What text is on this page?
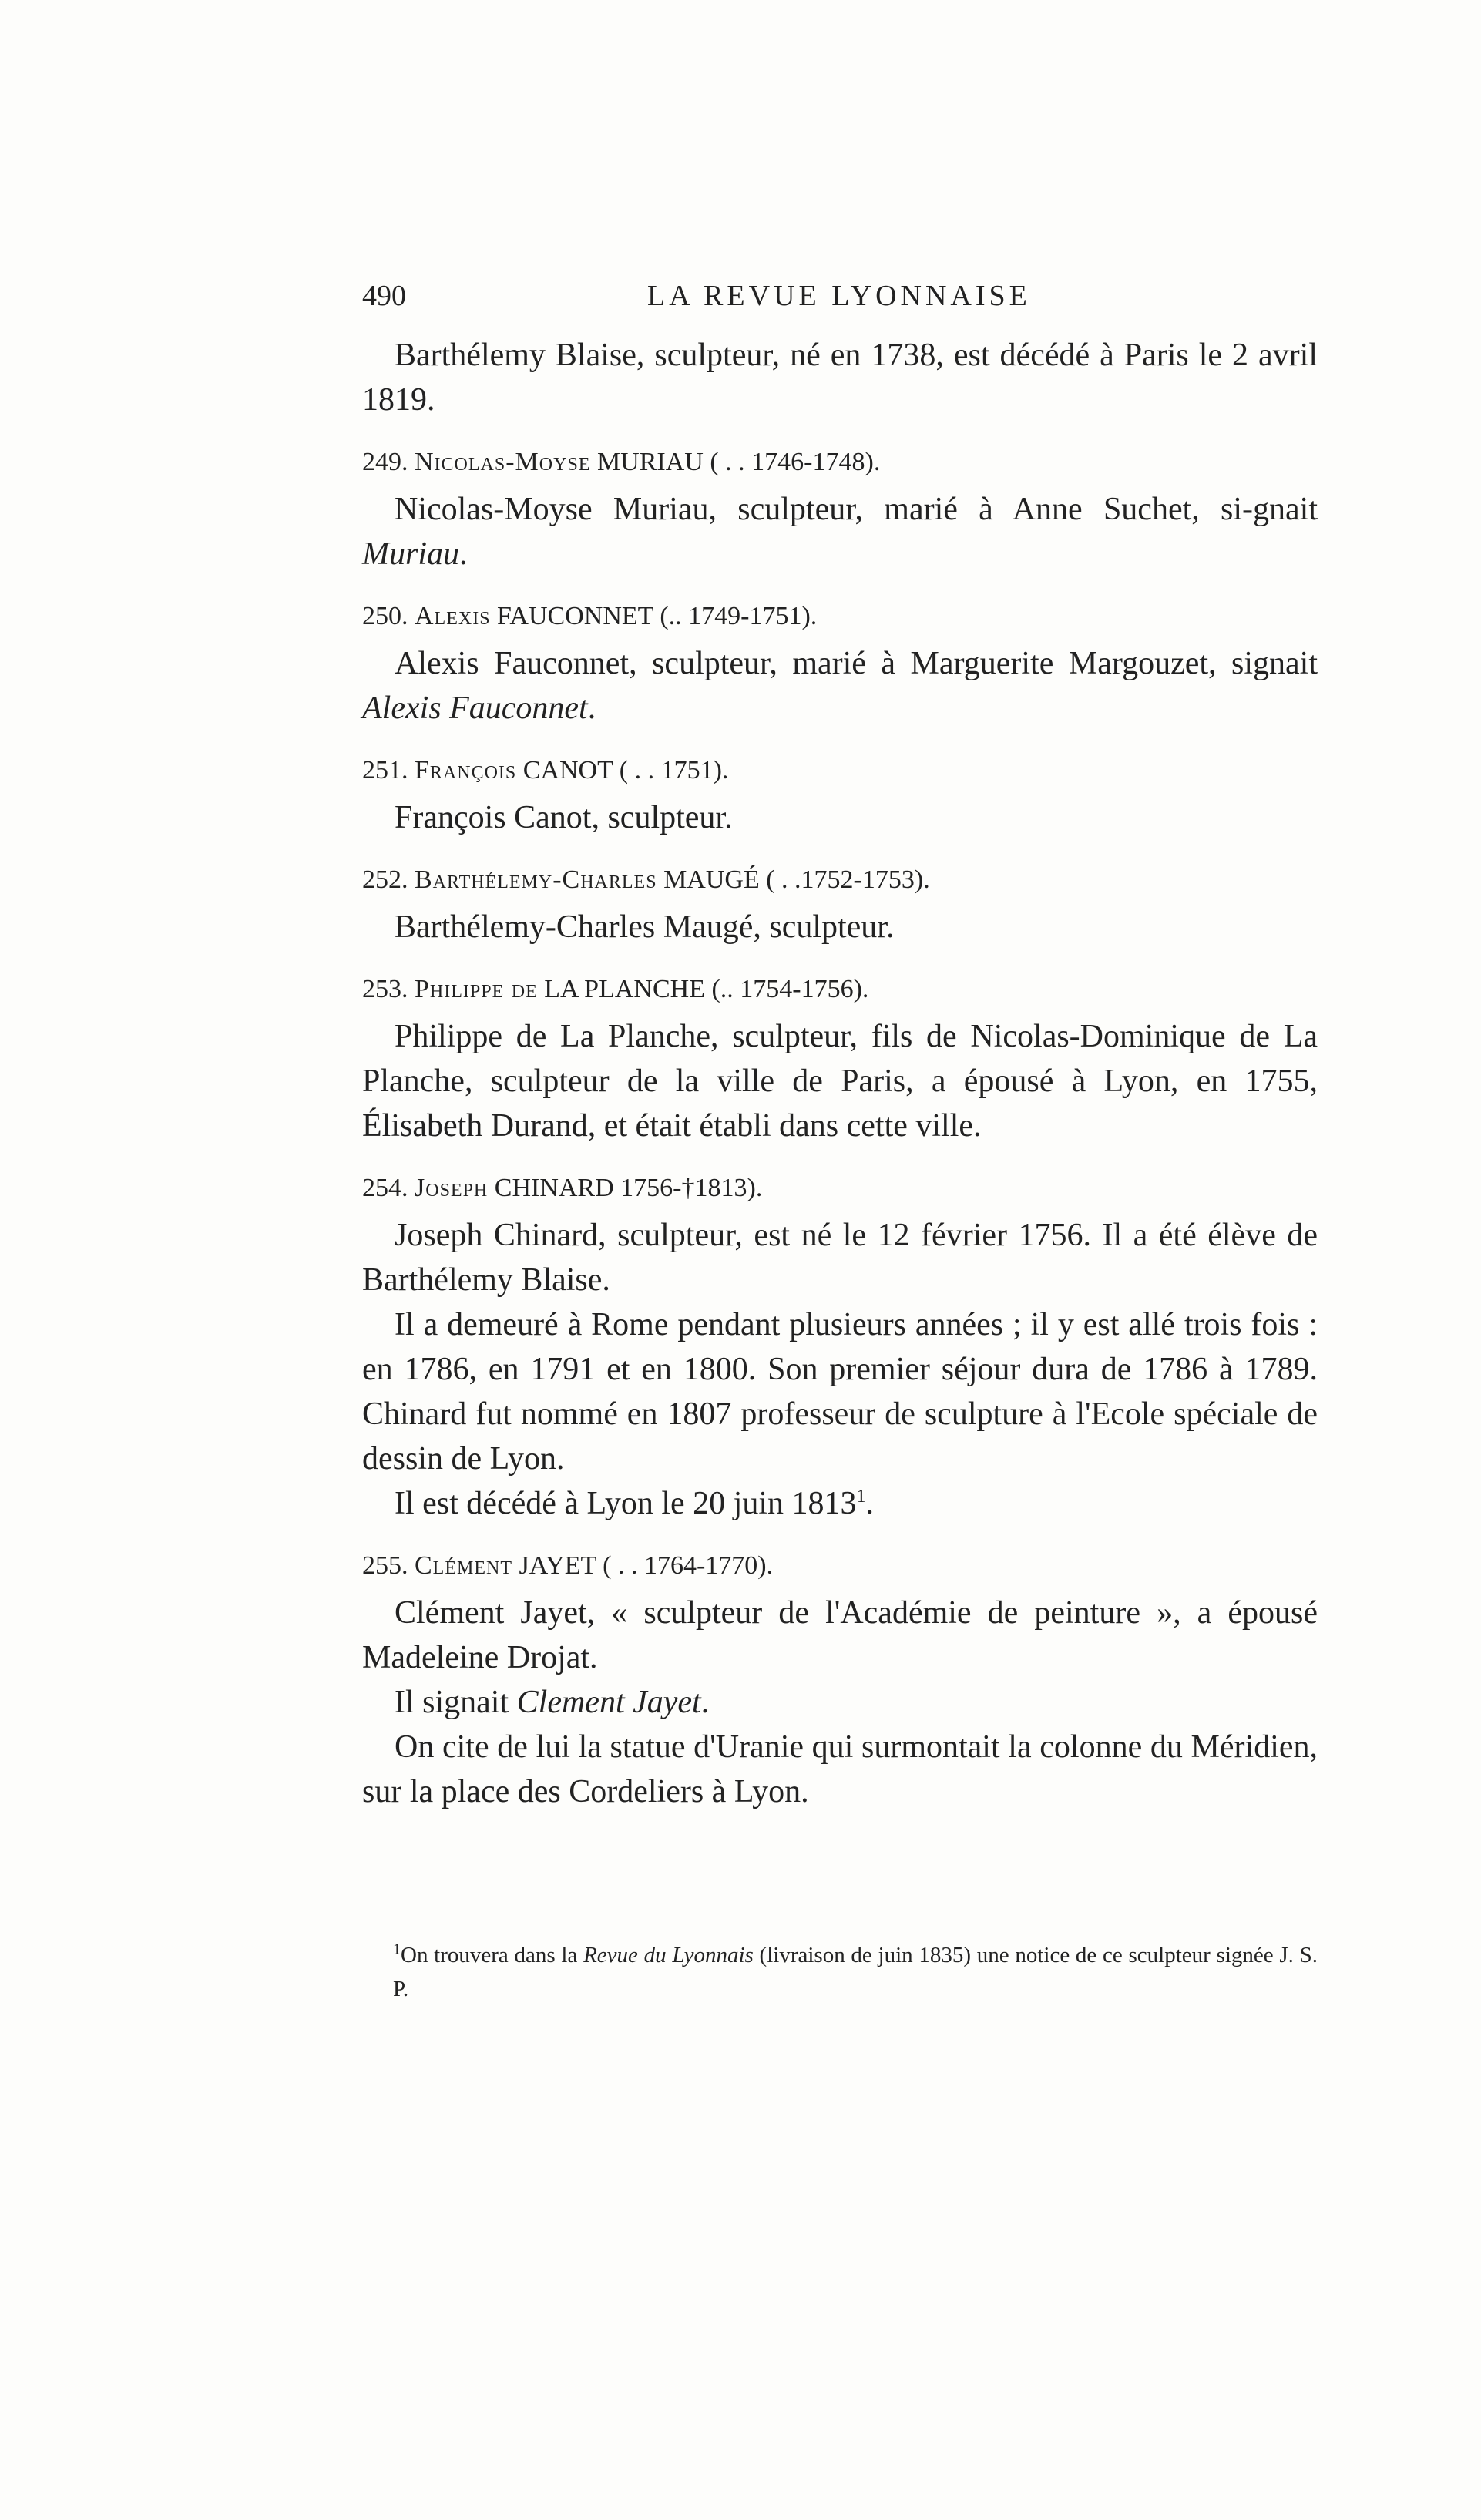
490	LA REVUE LYONNAISE

Barthélemy Blaise, sculpteur, né en 1738, est décédé à Paris le 2 avril 1819.

249. Nicolas-Moyse MURIAU ( . . 1746-1748).

Nicolas-Moyse Muriau, sculpteur, marié à Anne Suchet, si-gnait Muriau.

250. Alexis FAUCONNET (.. 1749-1751).

Alexis Fauconnet, sculpteur, marié à Marguerite Margouzet, signait Alexis Fauconnet.

251. François CANOT ( . . 1751).

François Canot, sculpteur.

252. Barthélemy-Charles MAUGÉ ( . .1752-1753).

Barthélemy-Charles Maugé, sculpteur.

253. Philippe de LA PLANCHE (.. 1754-1756).

Philippe de La Planche, sculpteur, fils de Nicolas-Dominique de La Planche, sculpteur de la ville de Paris, a épousé à Lyon, en 1755, Élisabeth Durand, et était établi dans cette ville.

254. Joseph CHINARD 1756-†1813).

Joseph Chinard, sculpteur, est né le 12 février 1756. Il a été élève de Barthélemy Blaise.

Il a demeuré à Rome pendant plusieurs années ; il y est allé trois fois : en 1786, en 1791 et en 1800. Son premier séjour dura de 1786 à 1789. Chinard fut nommé en 1807 professeur de sculpture à l'Ecole spéciale de dessin de Lyon.

Il est décédé à Lyon le 20 juin 1813$^1$.

255. Clément JAYET ( . . 1764-1770).

Clément Jayet, « sculpteur de l'Académie de peinture », a épousé Madeleine Drojat.

Il signait Clement Jayet.

On cite de lui la statue d'Uranie qui surmontait la colonne du Méridien, sur la place des Cordeliers à Lyon.

$^1$On trouvera dans la Revue du Lyonnais (livraison de juin 1835) une notice de ce sculpteur signée J. S. P.
